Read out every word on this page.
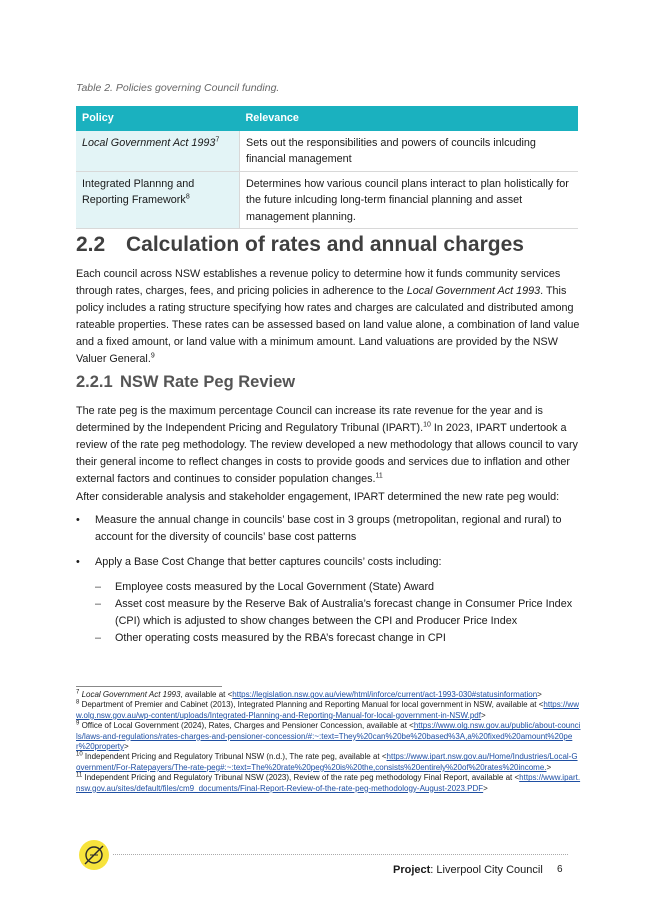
Table 2. Policies governing Council funding.
Policy	Relevance
Local Government Act 1993$^7$	Sets out the responsibilities and powers of councils inlcuding financial management
Integrated Plannng and Reporting Framework$^8$	Determines how various council plans interact to plan holistically for the future inlcuding long-term financial planning and asset management planning.
2.2 Calculation of rates and annual charges

Each council across NSW establishes a revenue policy to determine how it funds community services through rates, charges, fees, and pricing policies in adherence to the Local Government Act 1993. This policy includes a rating structure specifying how rates and charges are calculated and distributed among rateable properties. These rates can be assessed based on land value alone, a combination of land value and a fixed amount, or land value with a minimum amount. Land valuations are provided by the NSW Valuer General.$^9$

2.2.1 NSW Rate Peg Review

The rate peg is the maximum percentage Council can increase its rate revenue for the year and is determined by the Independent Pricing and Regulatory Tribunal (IPART).$^{10}$ In 2023, IPART undertook a review of the rate peg methodology. The review developed a new methodology that allows council to vary their general income to reflect changes in costs to provide goods and services due to inflation and other external factors and continues to consider population changes.$^{11}$

After considerable analysis and stakeholder engagement, IPART determined the new rate peg would:

• Measure the annual change in councils’ base cost in 3 groups (metropolitan, regional and rural) to account for the diversity of councils’ base cost patterns
• Apply a Base Cost Change that better captures councils’ costs including:
– Employee costs measured by the Local Government (State) Award
– Asset cost measure by the Reserve Bak of Australia’s forecast change in Consumer Price Index (CPI) which is adjusted to show changes between the CPI and Producer Price Index
– Other operating costs measured by the RBA’s forecast change in CPI
$^7$ Local Government Act 1993, available at <https://legislation.nsw.gov.au/view/html/inforce/current/act-1993-030#statusinformation>
$^8$ Department of Premier and Cabinet (2013), Integrated Planning and Reporting Manual for local government in NSW, available at <https://www.olg.nsw.gov.au/wp-content/uploads/Integrated-Planning-and-Reporting-Manual-for-local-government-in-NSW.pdf>
$^9$ Office of Local Government (2024), Rates, Charges and Pensioner Concession, available at <https://www.olg.nsw.gov.au/public/about-councils/laws-and-regulations/rates-charges-and-pensioner-concession/#:~:text=They%20can%20be%20based%3A,a%20fixed%20amount%20per%20property>
$^{10}$ Independent Pricing and Regulatory Tribunal NSW (n.d.), The rate peg, available at <https://www.ipart.nsw.gov.au/Home/Industries/Local-Government/For-Ratepayers/The-rate-peg#:~:text=The%20rate%20peg%20is%20the,consists%20entirely%20of%20rates%20income.>
$^{11}$ Independent Pricing and Regulatory Tribunal NSW (2023), Review of the rate peg methodology Final Report, available at <https://www.ipart.nsw.gov.au/sites/default/files/cm9_documents/Final-Report-Review-of-the-rate-peg-methodology-August-2023.PDF>
Project: Liverpool City Council 6
